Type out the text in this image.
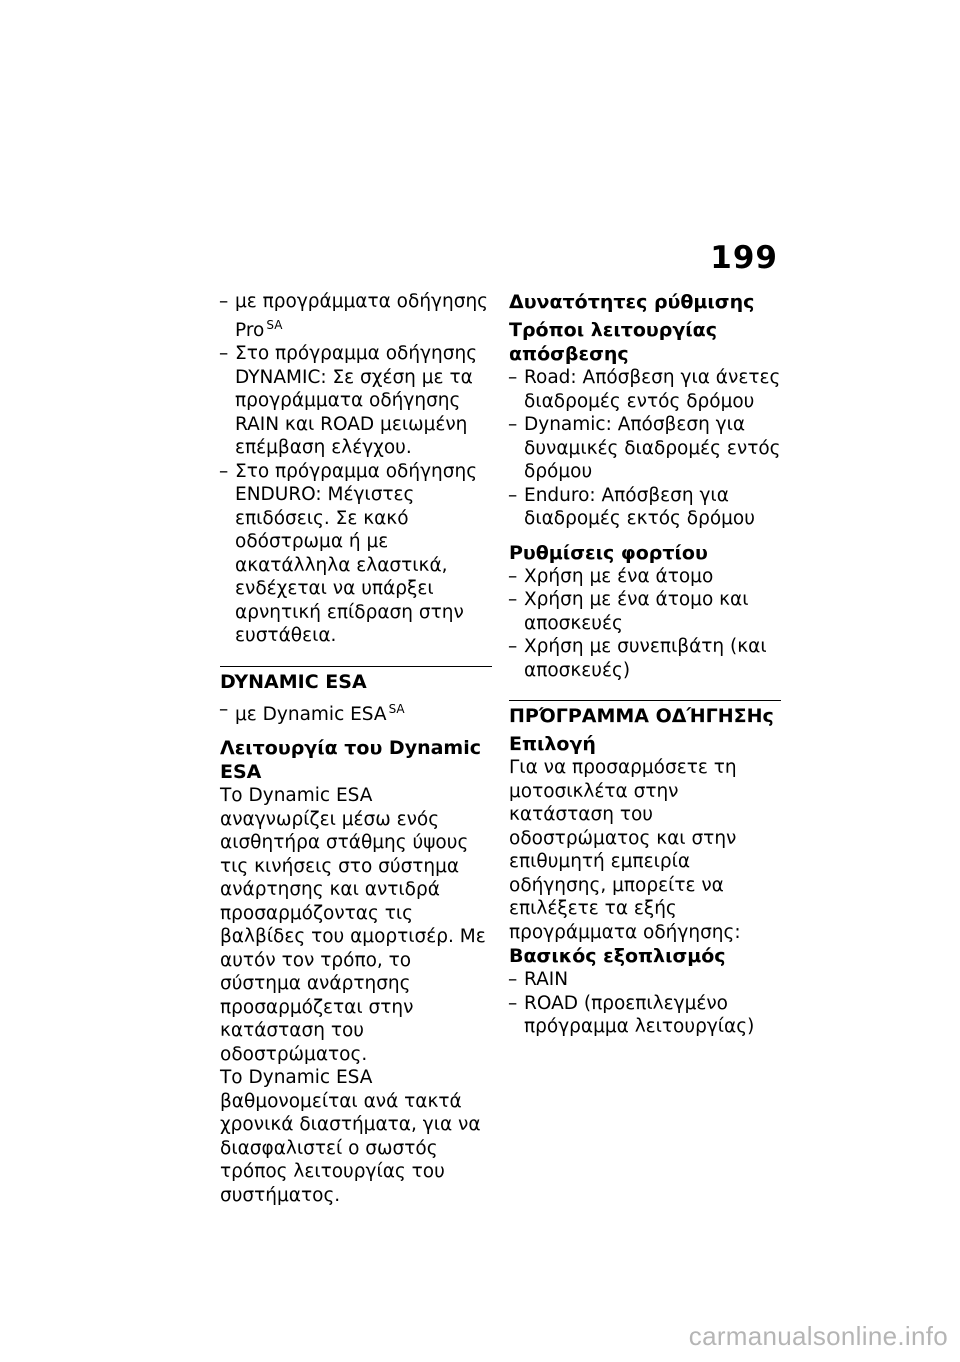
199
– με προγράμματα οδήγησης Pro $^{SA}$
– Στο πρόγραμμα οδήγησης DYNAMIC: Σε σχέση με τα προγράμματα οδήγησης RAIN και ROAD μειωμένη επέμβαση ελέγχου.
– Στο πρόγραμμα οδήγησης ENDURO: Μέγιστες επιδόσεις. Σε κακό οδόστρωμα ή με ακατάλληλα ελαστικά, ενδέχεται να υπάρξει αρνητική επίδραση στην ευστάθεια.
DYNAMIC ESA
– με Dynamic ESA $^{SA}$
Λειτουργία του Dynamic ESA

Το Dynamic ESA αναγνωρίζει μέσω ενός αισθητήρα στάθμης ύψους τις κινήσεις στο σύστημα ανάρτησης και αντιδρά προσαρμόζοντας τις βαλβίδες του αμορτισέρ. Με αυτόν τον τρόπο, το σύστημα ανάρτησης προσαρμόζεται στην κατάσταση του οδοστρώματος.

Το Dynamic ESA βαθμονομείται ανά τακτά χρονικά διαστήματα, για να διασφαλιστεί ο σωστός τρόπος λειτουργίας του συστήματος.

Δυνατότητες ρύθμισης
Τρόποι λειτουργίας απόσβεσης
– Road: Απόσβεση για άνετες διαδρομές εντός δρόμου
– Dynamic: Απόσβεση για δυναμικές διαδρομές εντός δρόμου
– Enduro: Απόσβεση για διαδρομές εκτός δρόμου
Ρυθμίσεις φορτίου
– Χρήση με ένα άτομο
– Χρήση με ένα άτομο και αποσκευές
– Χρήση με συνεπιβάτη (και αποσκευές)
ΠΡΌΓΡΑΜΜΑ ΟΔΉΓΗΣΗς
Επιλογή

Για να προσαρμόσετε τη μοτοσικλέτα στην κατάσταση του οδοστρώματος και στην επιθυμητή εμπειρία οδήγησης, μπορείτε να επιλέξετε τα εξής προγράμματα οδήγησης:

Βασικός εξοπλισμός
– RAIN
– ROAD (προεπιλεγμένο πρόγραμμα λειτουργίας)
carmanualsonline.info
